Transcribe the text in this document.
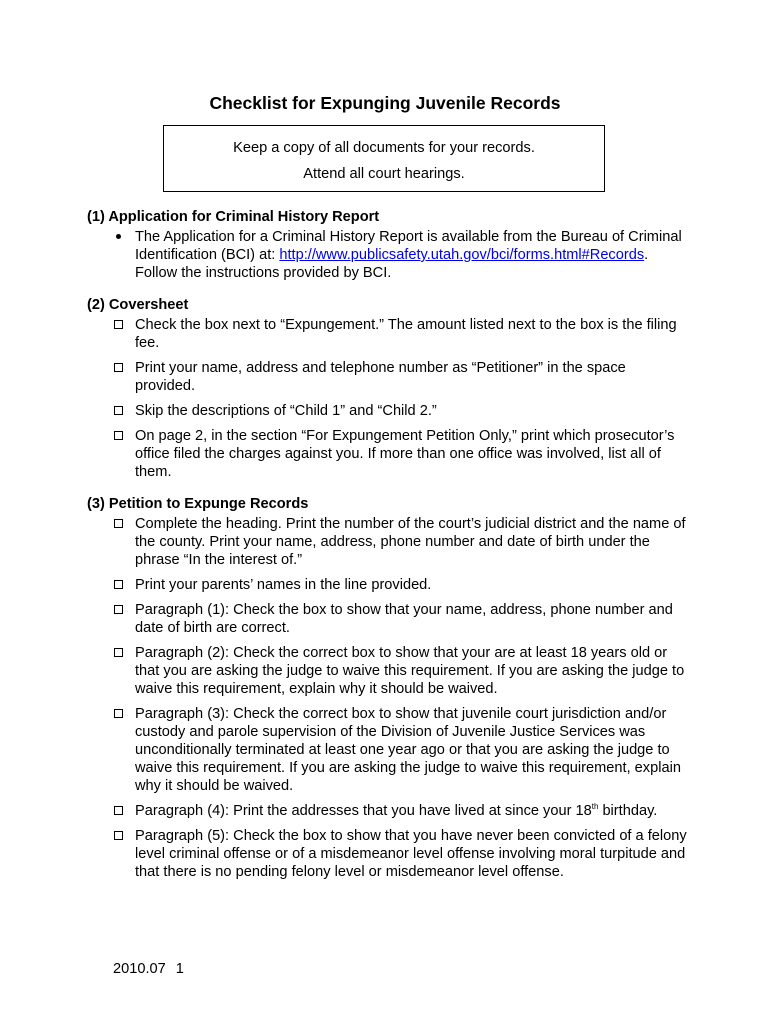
Checklist for Expunging Juvenile Records
Keep a copy of all documents for your records.
Attend all court hearings.
(1) Application for Criminal History Report
The Application for a Criminal History Report is available from the Bureau of Criminal Identification (BCI) at: http://www.publicsafety.utah.gov/bci/forms.html#Records. Follow the instructions provided by BCI.
(2) Coversheet
Check the box next to “Expungement.” The amount listed next to the box is the filing fee.
Print your name, address and telephone number as “Petitioner” in the space provided.
Skip the descriptions of “Child 1” and “Child 2.”
On page 2, in the section “For Expungement Petition Only,” print which prosecutor’s office filed the charges against you. If more than one office was involved, list all of them.
(3) Petition to Expunge Records
Complete the heading. Print the number of the court’s judicial district and the name of the county. Print your name, address, phone number and date of birth under the phrase “In the interest of.”
Print your parents’ names in the line provided.
Paragraph (1): Check the box to show that your name, address, phone number and date of birth are correct.
Paragraph (2): Check the correct box to show that your are at least 18 years old or that you are asking the judge to waive this requirement. If you are asking the judge to waive this requirement, explain why it should be waived.
Paragraph (3): Check the correct box to show that juvenile court jurisdiction and/or custody and parole supervision of the Division of Juvenile Justice Services was unconditionally terminated at least one year ago or that you are asking the judge to waive this requirement. If you are asking the judge to waive this requirement, explain why it should be waived.
Paragraph (4): Print the addresses that you have lived at since your 18th birthday.
Paragraph (5): Check the box to show that you have never been convicted of a felony level criminal offense or of a misdemeanor level offense involving moral turpitude and that there is no pending felony level or misdemeanor level offense.
2010.07 1
